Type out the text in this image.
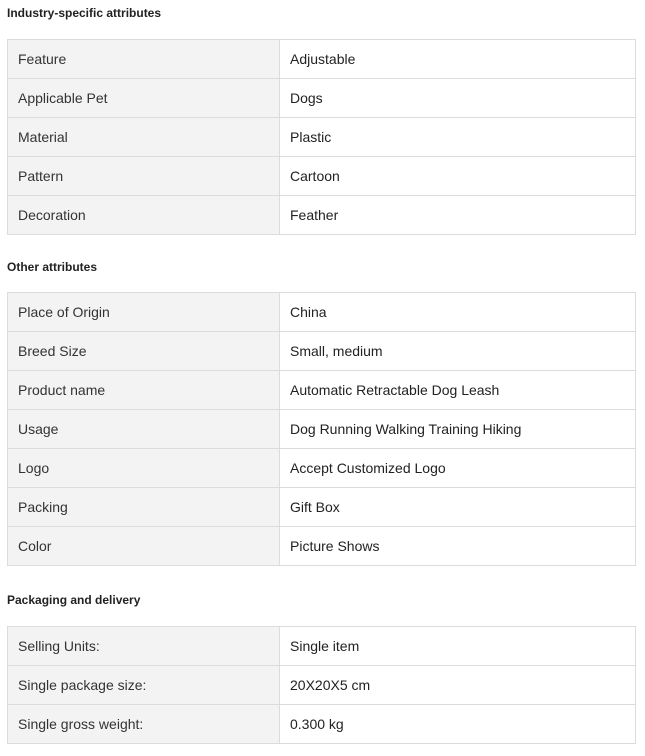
Industry-specific attributes
Feature	Adjustable
Applicable Pet	Dogs
Material	Plastic
Pattern	Cartoon
Decoration	Feather
Other attributes
Place of Origin	China
Breed Size	Small, medium
Product name	Automatic Retractable Dog Leash
Usage	Dog Running Walking Training Hiking
Logo	Accept Customized Logo
Packing	Gift Box
Color	Picture Shows
Packaging and delivery
Selling Units:	Single item
Single package size:	20X20X5 cm
Single gross weight:	0.300 kg
